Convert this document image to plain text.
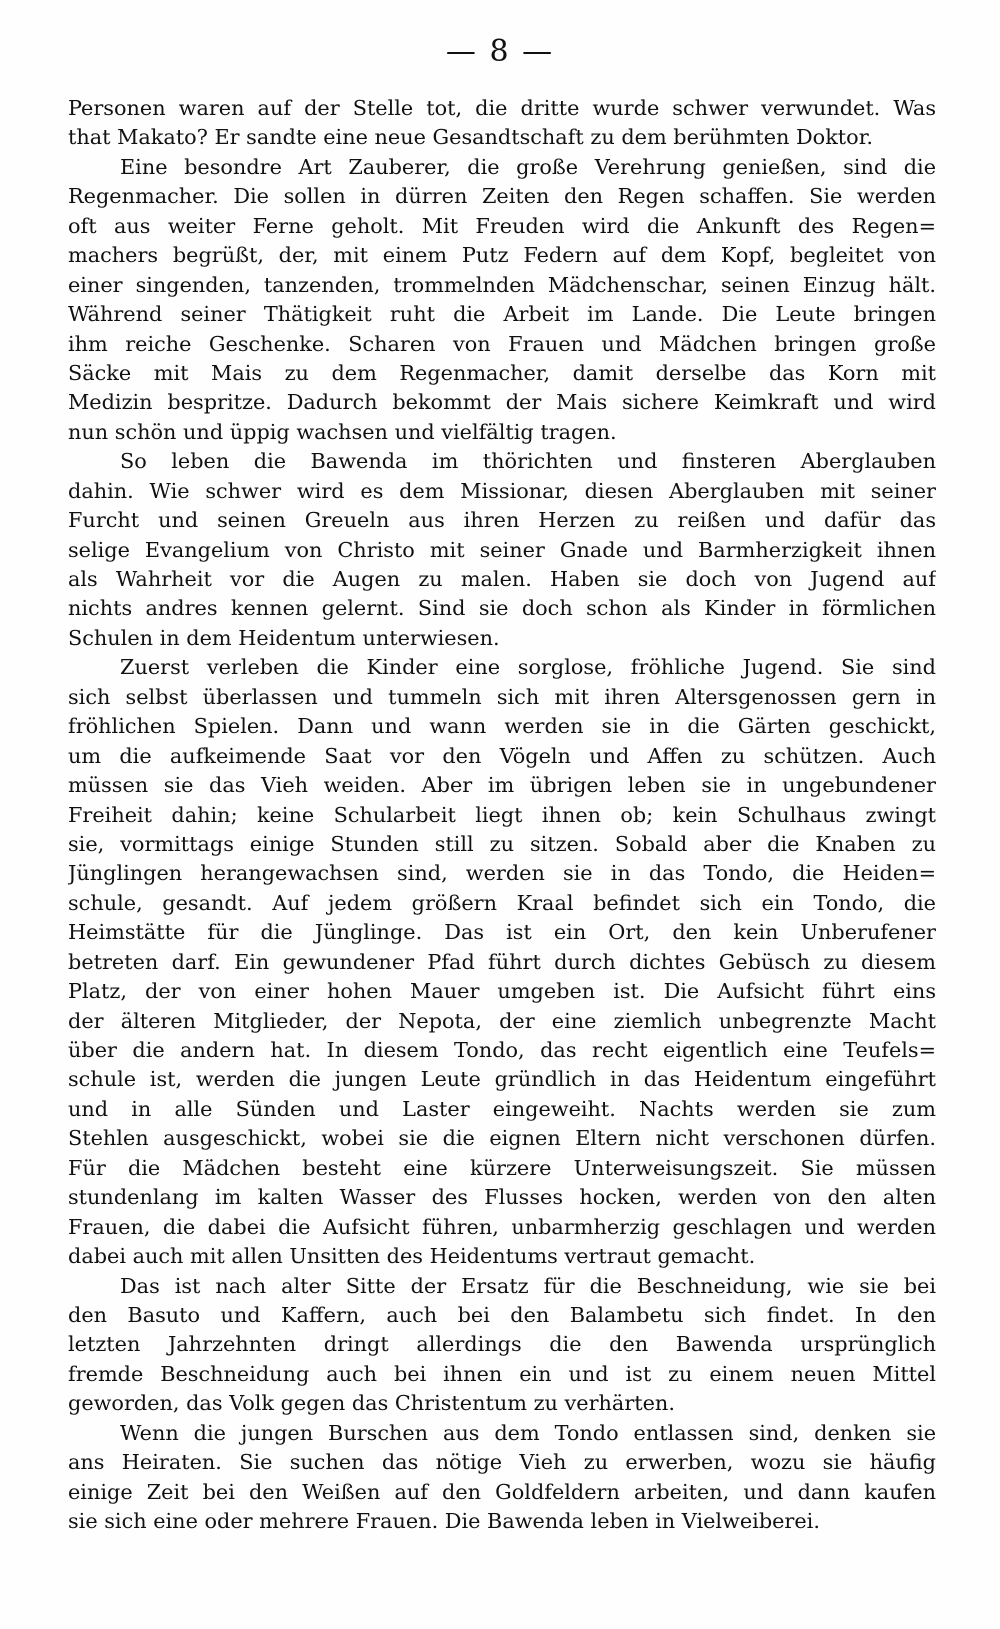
— 8 —
Personen waren auf der Stelle tot, die dritte wurde schwer verwundet. Was
that Makato? Er sandte eine neue Gesandtschaft zu dem berühmten Doktor.
Eine besondre Art Zauberer, die große Verehrung genießen, sind die
Regenmacher. Die sollen in dürren Zeiten den Regen schaffen. Sie werden
oft aus weiter Ferne geholt. Mit Freuden wird die Ankunft des Regen=
machers begrüßt, der, mit einem Putz Federn auf dem Kopf, begleitet von
einer singenden, tanzenden, trommelnden Mädchenschar, seinen Einzug hält.
Während seiner Thätigkeit ruht die Arbeit im Lande. Die Leute bringen
ihm reiche Geschenke. Scharen von Frauen und Mädchen bringen große
Säcke mit Mais zu dem Regenmacher, damit derselbe das Korn mit
Medizin bespritze. Dadurch bekommt der Mais sichere Keimkraft und wird
nun schön und üppig wachsen und vielfältig tragen.
So leben die Bawenda im thörichten und finsteren Aberglauben
dahin. Wie schwer wird es dem Missionar, diesen Aberglauben mit seiner
Furcht und seinen Greueln aus ihren Herzen zu reißen und dafür das
selige Evangelium von Christo mit seiner Gnade und Barmherzigkeit ihnen
als Wahrheit vor die Augen zu malen. Haben sie doch von Jugend auf
nichts andres kennen gelernt. Sind sie doch schon als Kinder in förmlichen
Schulen in dem Heidentum unterwiesen.
Zuerst verleben die Kinder eine sorglose, fröhliche Jugend. Sie sind
sich selbst überlassen und tummeln sich mit ihren Altersgenossen gern in
fröhlichen Spielen. Dann und wann werden sie in die Gärten geschickt,
um die aufkeimende Saat vor den Vögeln und Affen zu schützen. Auch
müssen sie das Vieh weiden. Aber im übrigen leben sie in ungebundener
Freiheit dahin; keine Schularbeit liegt ihnen ob; kein Schulhaus zwingt
sie, vormittags einige Stunden still zu sitzen. Sobald aber die Knaben zu
Jünglingen herangewachsen sind, werden sie in das Tondo, die Heiden=
schule, gesandt. Auf jedem größern Kraal befindet sich ein Tondo, die
Heimstätte für die Jünglinge. Das ist ein Ort, den kein Unberufener
betreten darf. Ein gewundener Pfad führt durch dichtes Gebüsch zu diesem
Platz, der von einer hohen Mauer umgeben ist. Die Aufsicht führt eins
der älteren Mitglieder, der Nepota, der eine ziemlich unbegrenzte Macht
über die andern hat. In diesem Tondo, das recht eigentlich eine Teufels=
schule ist, werden die jungen Leute gründlich in das Heidentum eingeführt
und in alle Sünden und Laster eingeweiht. Nachts werden sie zum
Stehlen ausgeschickt, wobei sie die eignen Eltern nicht verschonen dürfen.
Für die Mädchen besteht eine kürzere Unterweisungszeit. Sie müssen
stundenlang im kalten Wasser des Flusses hocken, werden von den alten
Frauen, die dabei die Aufsicht führen, unbarmherzig geschlagen und werden
dabei auch mit allen Unsitten des Heidentums vertraut gemacht.
Das ist nach alter Sitte der Ersatz für die Beschneidung, wie sie bei
den Basuto und Kaffern, auch bei den Balambetu sich findet. In den
letzten Jahrzehnten dringt allerdings die den Bawenda ursprünglich
fremde Beschneidung auch bei ihnen ein und ist zu einem neuen Mittel
geworden, das Volk gegen das Christentum zu verhärten.
Wenn die jungen Burschen aus dem Tondo entlassen sind, denken sie
ans Heiraten. Sie suchen das nötige Vieh zu erwerben, wozu sie häufig
einige Zeit bei den Weißen auf den Goldfeldern arbeiten, und dann kaufen
sie sich eine oder mehrere Frauen. Die Bawenda leben in Vielweiberei.
